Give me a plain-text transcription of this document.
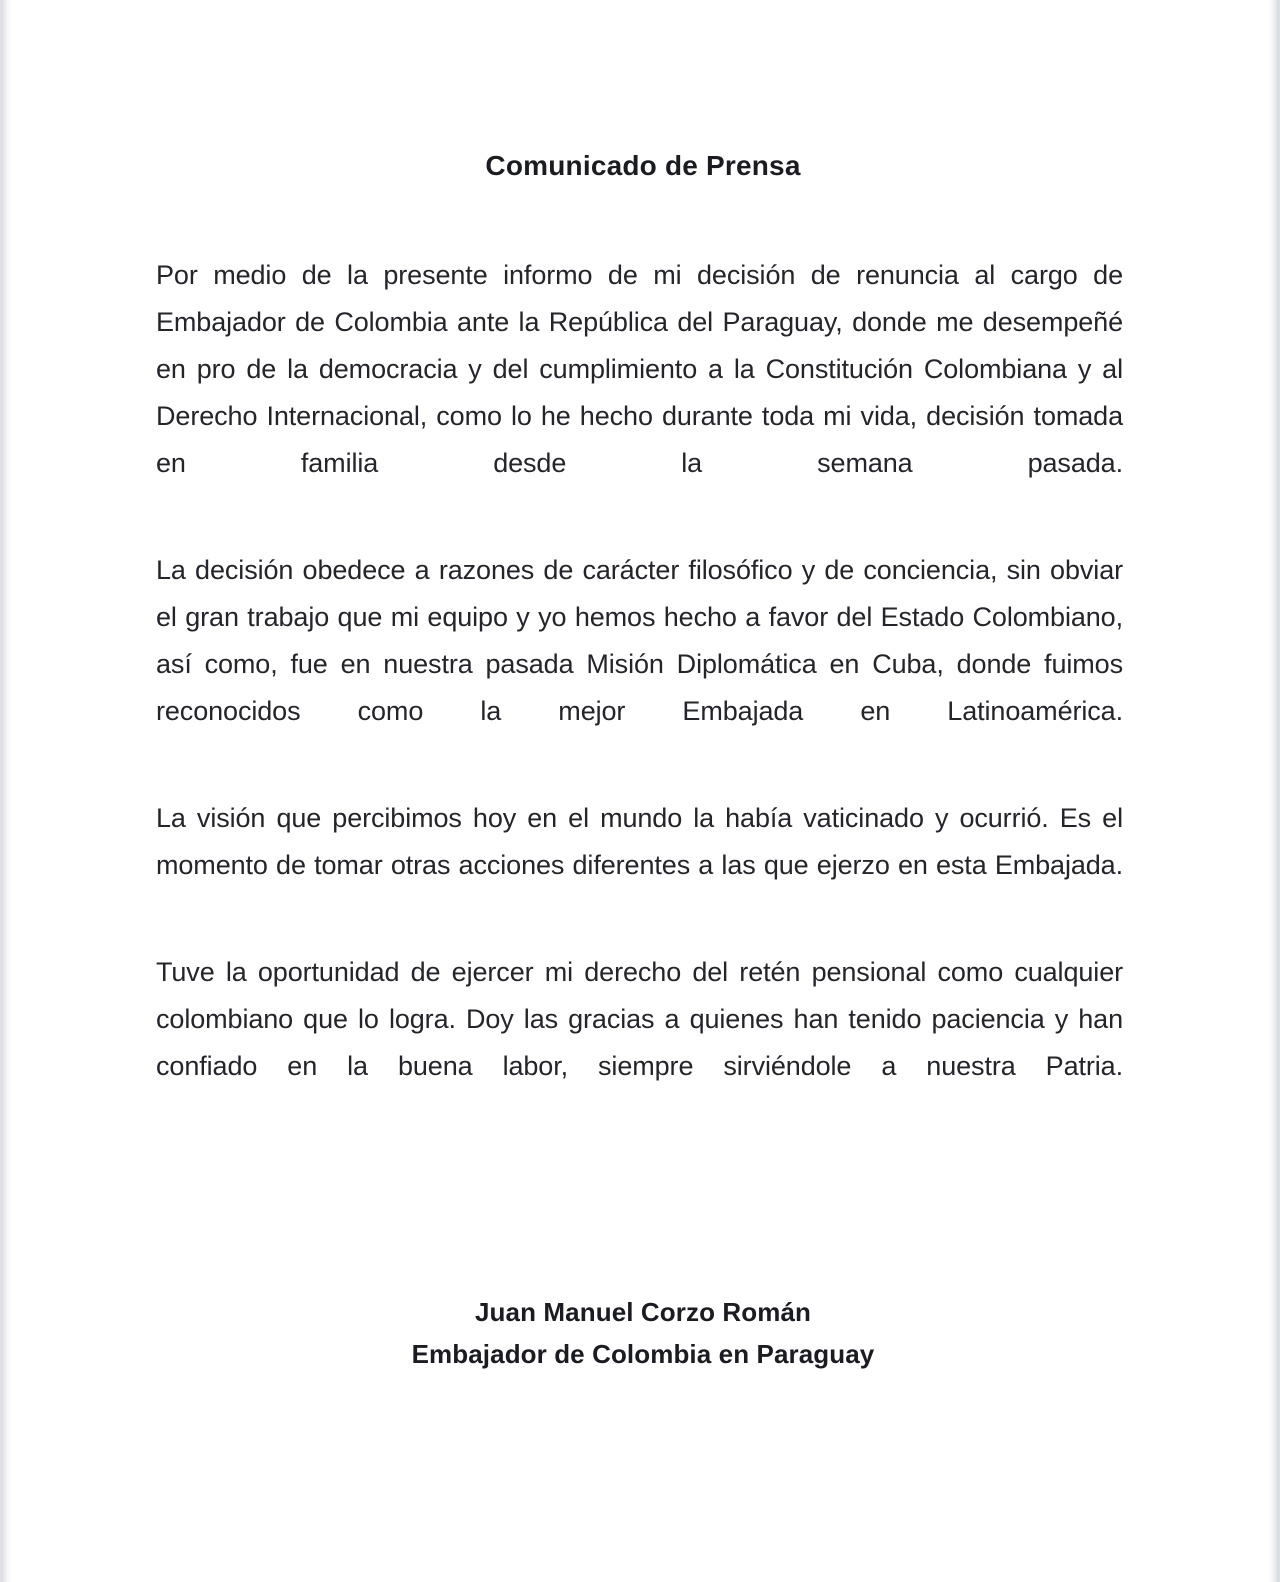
Comunicado de Prensa

Por medio de la presente informo de mi decisión de renuncia al cargo de Embajador de Colombia ante la República del Paraguay, donde me desempeñé en pro de la democracia y del cumplimiento a la Constitución Colombiana y al Derecho Internacional, como lo he hecho durante toda mi vida, decisión tomada en familia desde la semana pasada.

La decisión obedece a razones de carácter filosófico y de conciencia, sin obviar el gran trabajo que mi equipo y yo hemos hecho a favor del Estado Colombiano, así como, fue en nuestra pasada Misión Diplomática en Cuba, donde fuimos reconocidos como la mejor Embajada en Latinoamérica.

La visión que percibimos hoy en el mundo la había vaticinado y ocurrió. Es el momento de tomar otras acciones diferentes a las que ejerzo en esta Embajada.

Tuve la oportunidad de ejercer mi derecho del retén pensional como cualquier colombiano que lo logra. Doy las gracias a quienes han tenido paciencia y han confiado en la buena labor, siempre sirviéndole a nuestra Patria.

Juan Manuel Corzo Román
Embajador de Colombia en Paraguay
